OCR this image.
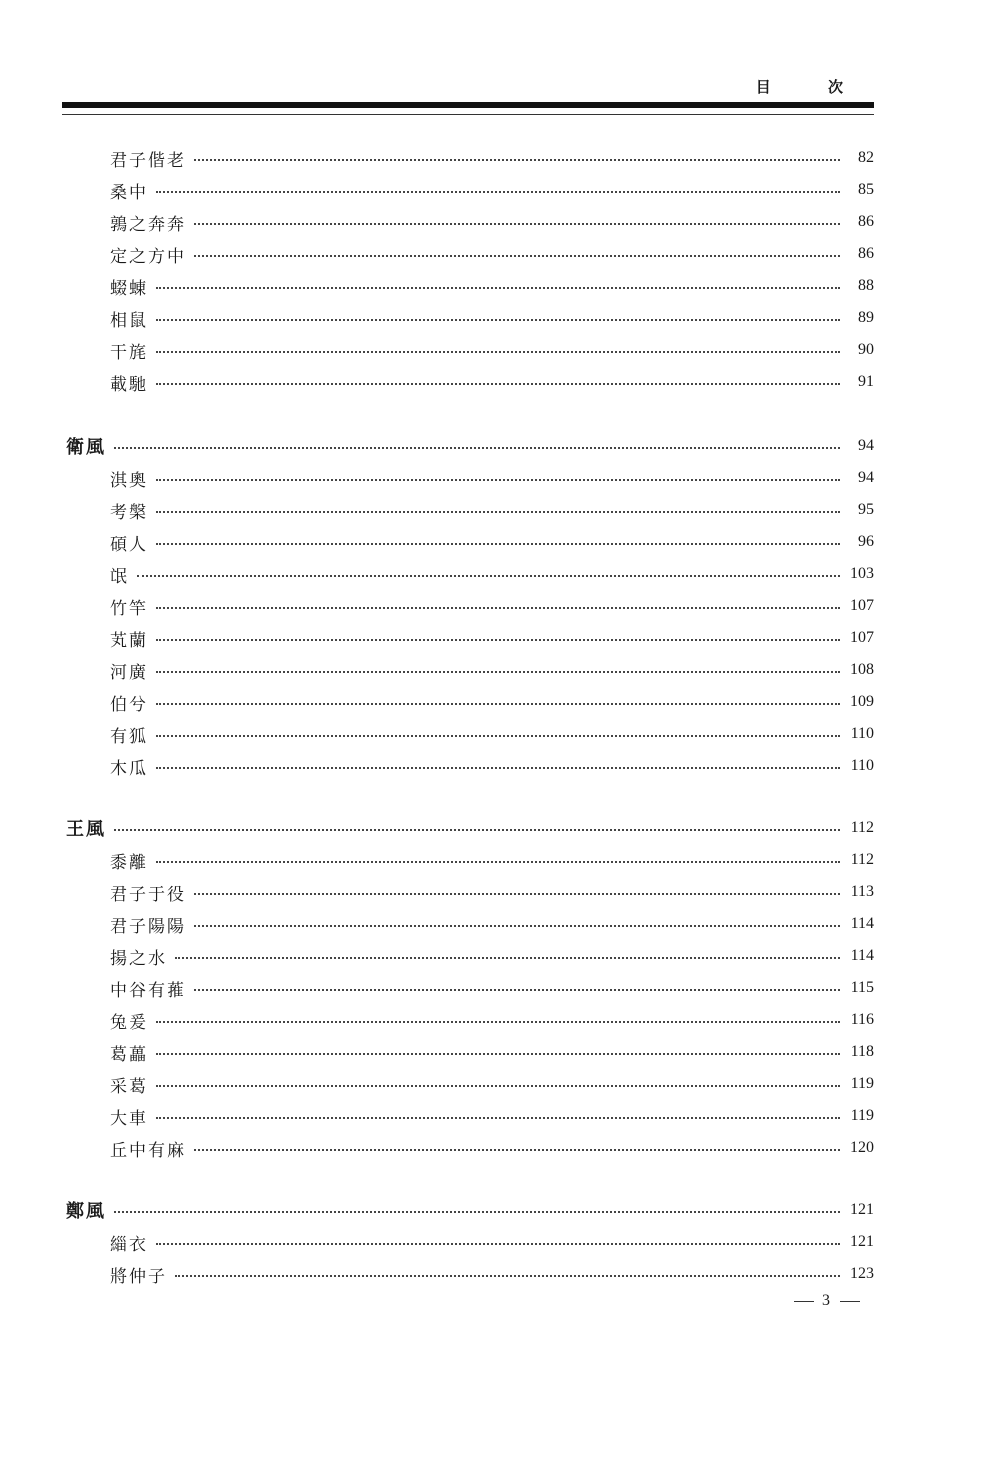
目 次
君子偕老	82
桑中	85
鶉之奔奔	86
定之方中	86
蝃蝀	88
相鼠	89
干旄	90
載馳	91
衛風	94
淇奧	94
考槃	95
碩人	96
氓	103
竹竿	107
芄蘭	107
河廣	108
伯兮	109
有狐	110
木瓜	110
王風	112
黍離	112
君子于役	113
君子陽陽	114
揚之水	114
中谷有蓷	115
兔爰	116
葛藟	118
采葛	119
大車	119
丘中有麻	120
鄭風	121
緇衣	121
將仲子	123
3
